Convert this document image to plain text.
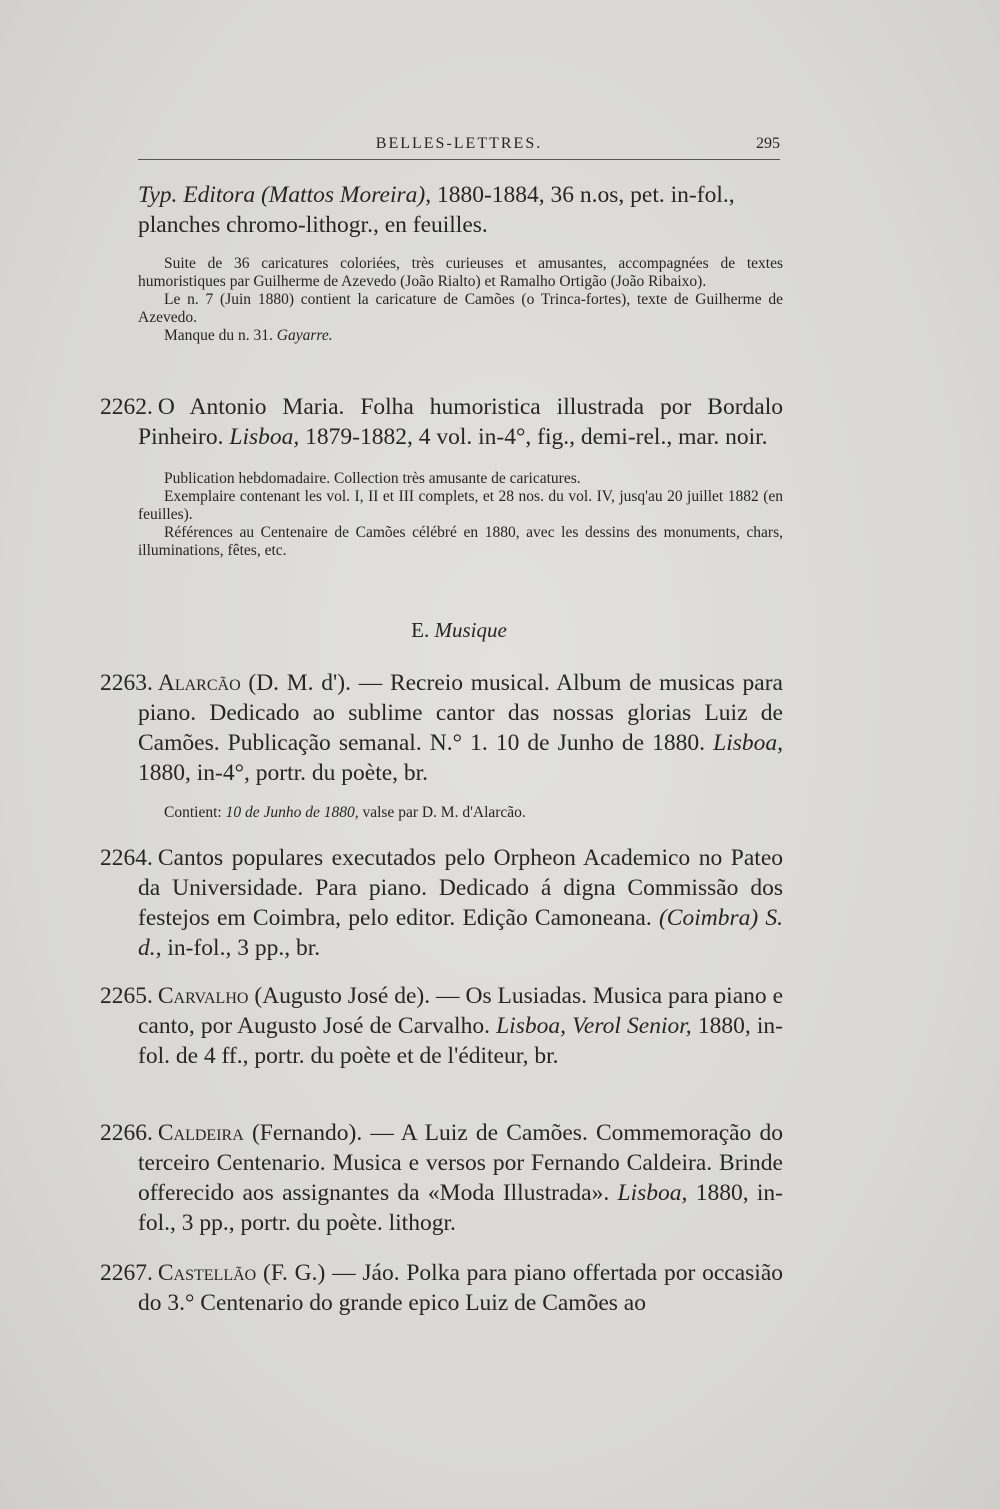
BELLES-LETTRES.	295
Typ. Editora (Mattos Moreira), 1880-1884, 36 n.os, pet. in-fol.,
planches chromo-lithogr., en feuilles.

Suite de 36 caricatures coloriées, très curieuses et amusantes, accompagnées de textes humoristiques par Guilherme de Azevedo (João Rialto) et Ramalho Ortigão (João Ribaixo).

Le n. 7 (Juin 1880) contient la caricature de Camões (o Trinca-fortes), texte de Guilherme de Azevedo.

Manque du n. 31. Gayarre.

2262. O Antonio Maria. Folha humoristica illustrada por Bordalo Pinheiro. Lisboa, 1879-1882, 4 vol. in-4°, fig., demi-rel., mar. noir.

Publication hebdomadaire. Collection très amusante de caricatures.

Exemplaire contenant les vol. I, II et III complets, et 28 nos. du vol. IV, jusq'au 20 juillet 1882 (en feuilles).

Références au Centenaire de Camões célébré en 1880, avec les dessins des monuments, chars, illuminations, fêtes, etc.

E. Musique
2263. Alarcão (D. M. d'). — Recreio musical. Album de musicas para piano. Dedicado ao sublime cantor das nossas glorias Luiz de Camões. Publicação semanal. N.° 1. 10 de Junho de 1880. Lisboa, 1880, in-4°, portr. du poète, br.

Contient: 10 de Junho de 1880, valse par D. M. d'Alarcão.

2264. Cantos populares executados pelo Orpheon Academico no Pateo da Universidade. Para piano. Dedicado á digna Commissão dos festejos em Coimbra, pelo editor. Edição Camoneana. (Coimbra) S. d., in-fol., 3 pp., br.
2265. Carvalho (Augusto José de). — Os Lusiadas. Musica para piano e canto, por Augusto José de Carvalho. Lisboa, Verol Senior, 1880, in-fol. de 4 ff., portr. du poète et de l'éditeur, br.
2266. Caldeira (Fernando). — A Luiz de Camões. Commemoração do terceiro Centenario. Musica e versos por Fernando Caldeira. Brinde offerecido aos assignantes da «Moda Illustrada». Lisboa, 1880, in-fol., 3 pp., portr. du poète. lithogr.
2267. Castellão (F. G.) — Jáo. Polka para piano offertada por occasião do 3.° Centenario do grande epico Luiz de Camões ao
